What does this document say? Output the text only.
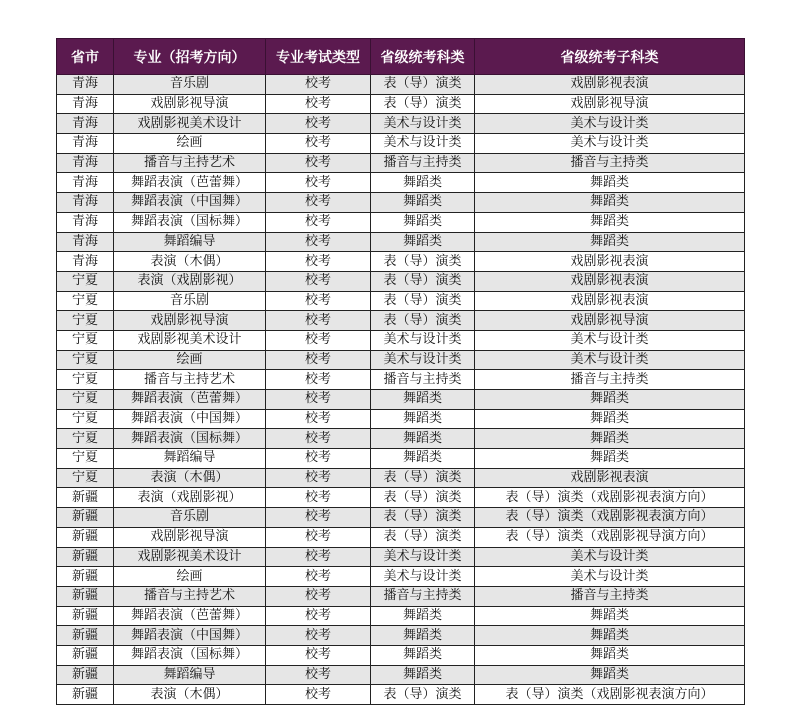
省市	专业（招考方向）	专业考试类型	省级统考科类	省级统考子科类
青海	音乐剧	校考	表（导）演类	戏剧影视表演
青海	戏剧影视导演	校考	表（导）演类	戏剧影视导演
青海	戏剧影视美术设计	校考	美术与设计类	美术与设计类
青海	绘画	校考	美术与设计类	美术与设计类
青海	播音与主持艺术	校考	播音与主持类	播音与主持类
青海	舞蹈表演（芭蕾舞）	校考	舞蹈类	舞蹈类
青海	舞蹈表演（中国舞）	校考	舞蹈类	舞蹈类
青海	舞蹈表演（国标舞）	校考	舞蹈类	舞蹈类
青海	舞蹈编导	校考	舞蹈类	舞蹈类
青海	表演（木偶）	校考	表（导）演类	戏剧影视表演
宁夏	表演（戏剧影视）	校考	表（导）演类	戏剧影视表演
宁夏	音乐剧	校考	表（导）演类	戏剧影视表演
宁夏	戏剧影视导演	校考	表（导）演类	戏剧影视导演
宁夏	戏剧影视美术设计	校考	美术与设计类	美术与设计类
宁夏	绘画	校考	美术与设计类	美术与设计类
宁夏	播音与主持艺术	校考	播音与主持类	播音与主持类
宁夏	舞蹈表演（芭蕾舞）	校考	舞蹈类	舞蹈类
宁夏	舞蹈表演（中国舞）	校考	舞蹈类	舞蹈类
宁夏	舞蹈表演（国标舞）	校考	舞蹈类	舞蹈类
宁夏	舞蹈编导	校考	舞蹈类	舞蹈类
宁夏	表演（木偶）	校考	表（导）演类	戏剧影视表演
新疆	表演（戏剧影视）	校考	表（导）演类	表（导）演类（戏剧影视表演方向）
新疆	音乐剧	校考	表（导）演类	表（导）演类（戏剧影视表演方向）
新疆	戏剧影视导演	校考	表（导）演类	表（导）演类（戏剧影视导演方向）
新疆	戏剧影视美术设计	校考	美术与设计类	美术与设计类
新疆	绘画	校考	美术与设计类	美术与设计类
新疆	播音与主持艺术	校考	播音与主持类	播音与主持类
新疆	舞蹈表演（芭蕾舞）	校考	舞蹈类	舞蹈类
新疆	舞蹈表演（中国舞）	校考	舞蹈类	舞蹈类
新疆	舞蹈表演（国标舞）	校考	舞蹈类	舞蹈类
新疆	舞蹈编导	校考	舞蹈类	舞蹈类
新疆	表演（木偶）	校考	表（导）演类	表（导）演类（戏剧影视表演方向）
